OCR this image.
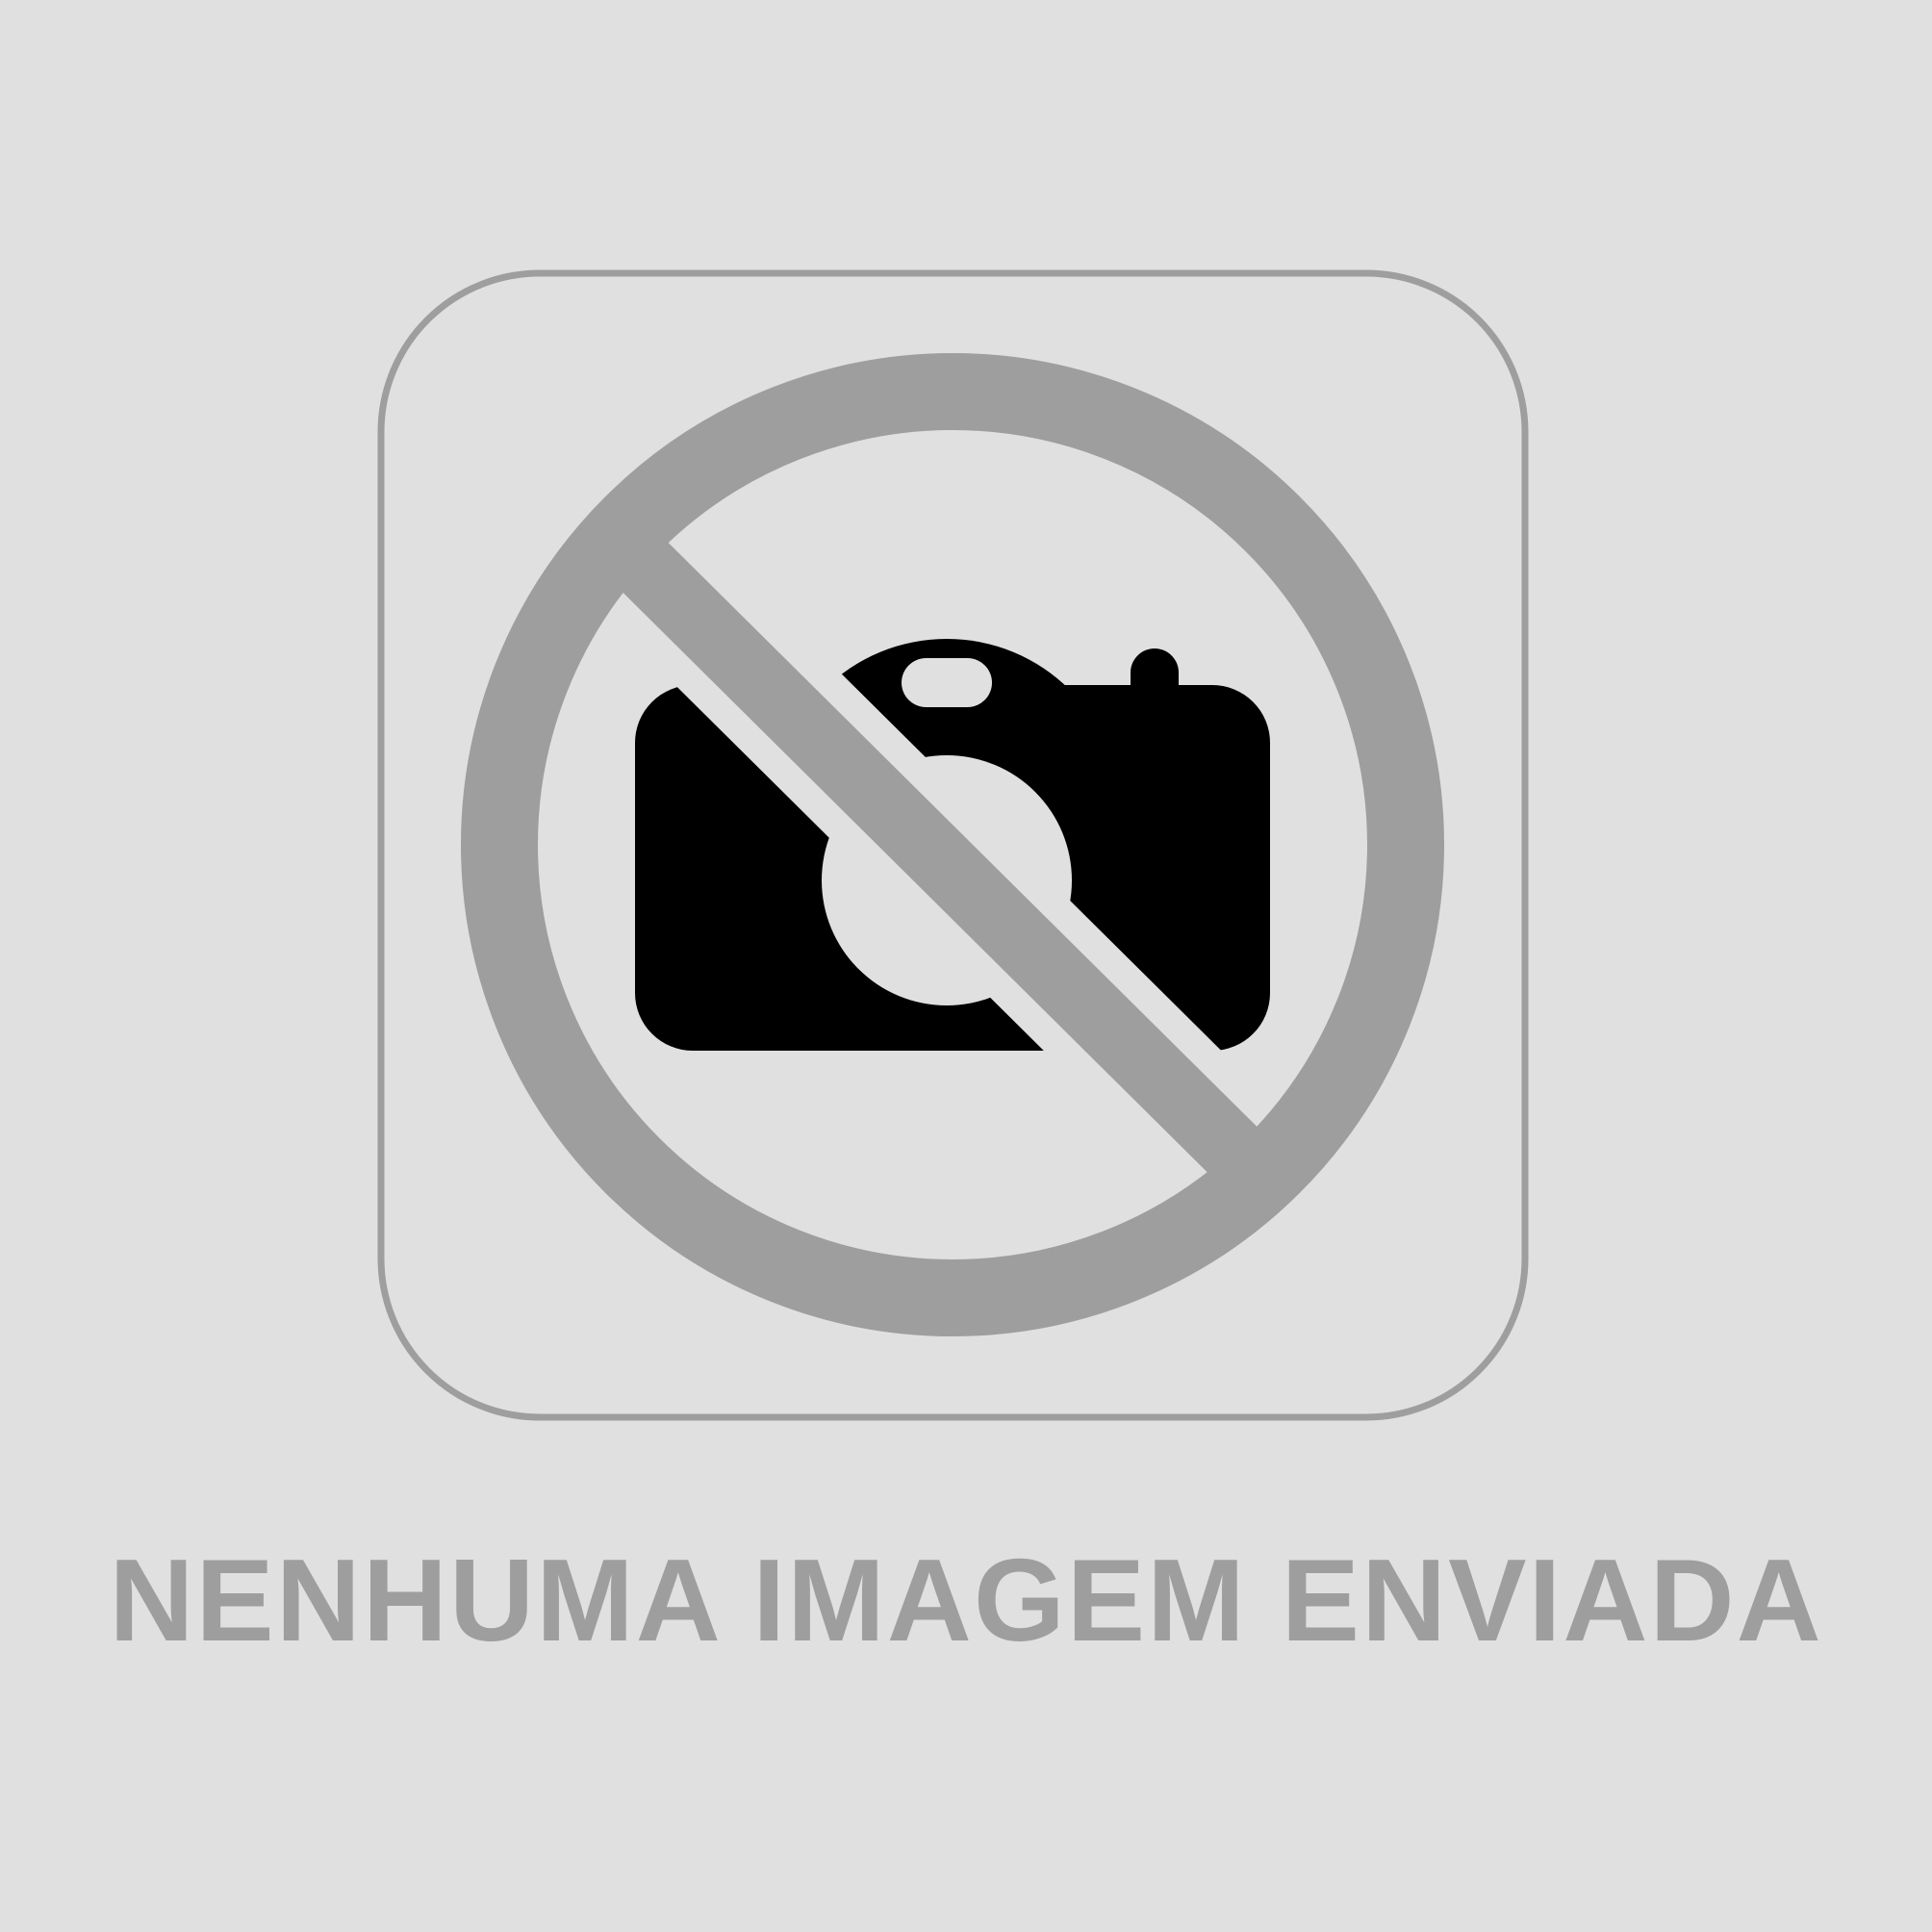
NENHUMA IMAGEM ENVIADA
